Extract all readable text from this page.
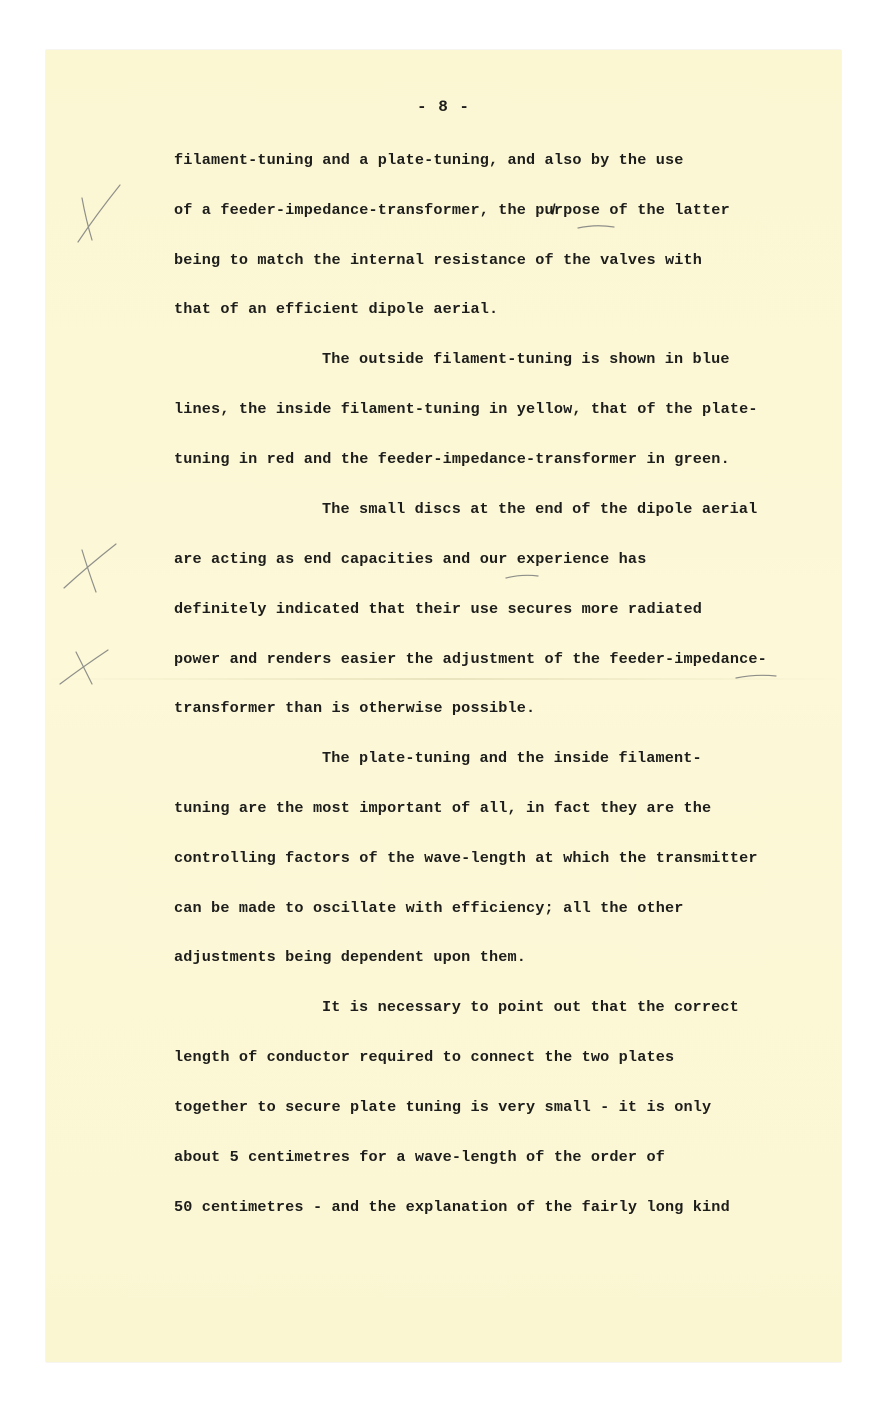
- 8 -
filament-tuning and a plate-tuning, and also by the use
of a feeder-impedance-transformer, the pu̸rpose of the latter
being to match the internal resistance of the valves with
that of an efficient dipole aerial.
The outside filament-tuning is shown in blue
lines, the inside filament-tuning in yellow, that of the plate-
tuning in red and the feeder-impedance-transformer in green.
The small discs at the end of the dipole aerial
are acting as end capacities and our experience has
definitely indicated that their use secures more radiated
power and renders easier the adjustment of the feeder-impedance-
transformer than is otherwise possible.
The plate-tuning and the inside filament-
tuning are the most important of all, in fact they are the
controlling factors of the wave-length at which the transmitter
can be made to oscillate with efficiency; all the other
adjustments being dependent upon them.
It is necessary to point out that the correct
length of conductor required to connect the two plates
together to secure plate tuning is very small - it is only
about 5 centimetres for a wave-length of the order of
50 centimetres - and the explanation of the fairly long kind
